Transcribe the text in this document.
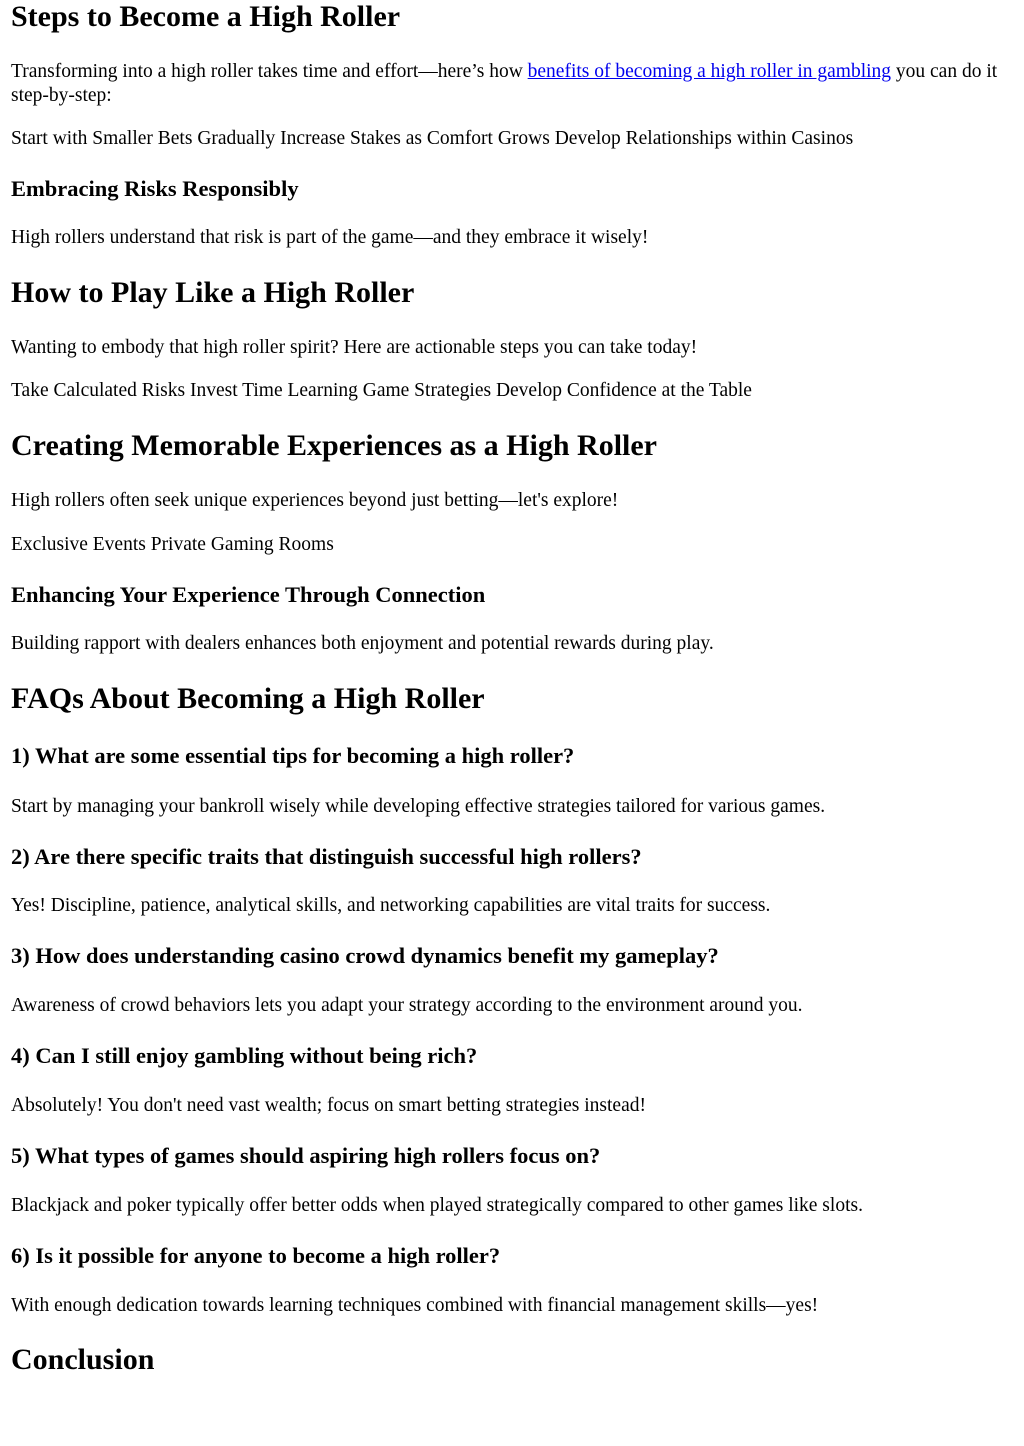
Steps to Become a High Roller

Transforming into a high roller takes time and effort—here’s how benefits of becoming a high roller in gambling you can do it step-by-step:

Start with Smaller Bets Gradually Increase Stakes as Comfort Grows Develop Relationships within Casinos

Embracing Risks Responsibly

High rollers understand that risk is part of the game—and they embrace it wisely!

How to Play Like a High Roller

Wanting to embody that high roller spirit? Here are actionable steps you can take today!

Take Calculated Risks Invest Time Learning Game Strategies Develop Confidence at the Table

Creating Memorable Experiences as a High Roller

High rollers often seek unique experiences beyond just betting—let's explore!

Exclusive Events Private Gaming Rooms

Enhancing Your Experience Through Connection

Building rapport with dealers enhances both enjoyment and potential rewards during play.

FAQs About Becoming a High Roller
1) What are some essential tips for becoming a high roller?

Start by managing your bankroll wisely while developing effective strategies tailored for various games.

2) Are there specific traits that distinguish successful high rollers?

Yes! Discipline, patience, analytical skills, and networking capabilities are vital traits for success.

3) How does understanding casino crowd dynamics benefit my gameplay?

Awareness of crowd behaviors lets you adapt your strategy according to the environment around you.

4) Can I still enjoy gambling without being rich?

Absolutely! You don't need vast wealth; focus on smart betting strategies instead!

5) What types of games should aspiring high rollers focus on?

Blackjack and poker typically offer better odds when played strategically compared to other games like slots.

6) Is it possible for anyone to become a high roller?

With enough dedication towards learning techniques combined with financial management skills—yes!

Conclusion
